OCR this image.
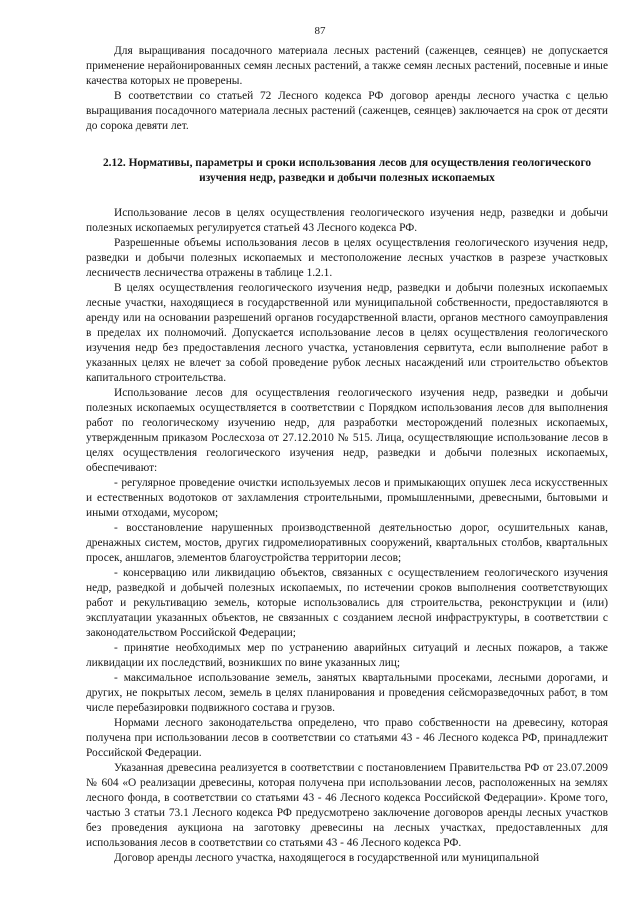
87

Для выращивания посадочного материала лесных растений (саженцев, сеянцев) не допускается применение нерайонированных семян лесных растений, а также семян лесных растений, посевные и иные качества которых не проверены.

В соответствии со статьей 72 Лесного кодекса РФ договор аренды лесного участка с целью выращивания посадочного материала лесных растений (саженцев, сеянцев) заключается на срок от десяти до сорока девяти лет.

2.12. Нормативы, параметры и сроки использования лесов для осуществления геологического изучения недр, разведки и добычи полезных ископаемых

Использование лесов в целях осуществления геологического изучения недр, разведки и добычи полезных ископаемых регулируется статьей 43 Лесного кодекса РФ.

Разрешенные объемы использования лесов в целях осуществления геологического изучения недр, разведки и добычи полезных ископаемых и местоположение лесных участков в разрезе участковых лесничеств лесничества отражены в таблице 1.2.1.

В целях осуществления геологического изучения недр, разведки и добычи полезных ископаемых лесные участки, находящиеся в государственной или муниципальной собственности, предоставляются в аренду или на основании разрешений органов государственной власти, органов местного самоуправления в пределах их полномочий. Допускается использование лесов в целях осуществления геологического изучения недр без предоставления лесного участка, установления сервитута, если выполнение работ в указанных целях не влечет за собой проведение рубок лесных насаждений или строительство объектов капитального строительства.

Использование лесов для осуществления геологического изучения недр, разведки и добычи полезных ископаемых осуществляется в соответствии с Порядком использования лесов для выполнения работ по геологическому изучению недр, для разработки месторождений полезных ископаемых, утвержденным приказом Рослесхоза от 27.12.2010 № 515. Лица, осуществляющие использование лесов в целях осуществления геологического изучения недр, разведки и добычи полезных ископаемых, обеспечивают:

- регулярное проведение очистки используемых лесов и примыкающих опушек леса искусственных и естественных водотоков от захламления строительными, промышленными, древесными, бытовыми и иными отходами, мусором;

- восстановление нарушенных производственной деятельностью дорог, осушительных канав, дренажных систем, мостов, других гидромелиоративных сооружений, квартальных столбов, квартальных просек, аншлагов, элементов благоустройства территории лесов;

- консервацию или ликвидацию объектов, связанных с осуществлением геологического изучения недр, разведкой и добычей полезных ископаемых, по истечении сроков выполнения соответствующих работ и рекультивацию земель, которые использовались для строительства, реконструкции и (или) эксплуатации указанных объектов, не связанных с созданием лесной инфраструктуры, в соответствии с законодательством Российской Федерации;

- принятие необходимых мер по устранению аварийных ситуаций и лесных пожаров, а также ликвидации их последствий, возникших по вине указанных лиц;

- максимальное использование земель, занятых квартальными просеками, лесными дорогами, и других, не покрытых лесом, земель в целях планирования и проведения сейсморазведочных работ, в том числе перебазировки подвижного состава и грузов.

Нормами лесного законодательства определено, что право собственности на древесину, которая получена при использовании лесов в соответствии со статьями 43 - 46 Лесного кодекса РФ, принадлежит Российской Федерации.

Указанная древесина реализуется в соответствии с постановлением Правительства РФ от 23.07.2009 № 604 «О реализации древесины, которая получена при использовании лесов, расположенных на землях лесного фонда, в соответствии со статьями 43 - 46 Лесного кодекса Российской Федерации». Кроме того, частью 3 статьи 73.1 Лесного кодекса РФ предусмотрено заключение договоров аренды лесных участков без проведения аукциона на заготовку древесины на лесных участках, предоставленных для использования лесов в соответствии со статьями 43 - 46 Лесного кодекса РФ.

Договор аренды лесного участка, находящегося в государственной или муниципальной
